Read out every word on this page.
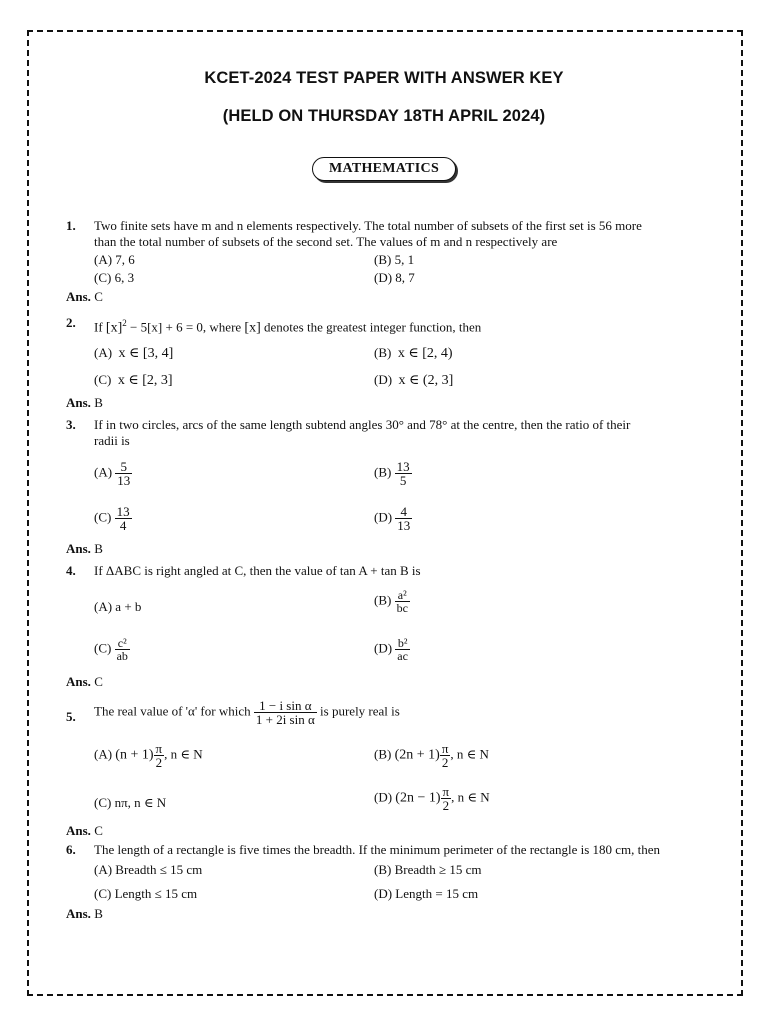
KCET-2024 TEST PAPER WITH ANSWER KEY
(HELD ON THURSDAY 18TH APRIL 2024)
MATHEMATICS
1. Two finite sets have m and n elements respectively. The total number of subsets of the first set is 56 more
than the total number of subsets of the second set. The values of m and n respectively are
(A) 7, 6	(B) 5, 1
(C) 6, 3	(D) 8, 7
Ans. C
2. If $[x]^2 - 5[x] + 6 = 0$, where [x] denotes the greatest integer function, then
(A) x ∈ [3, 4]	(B) x ∈ [2, 4)
(C) x ∈ [2, 3]	(D) x ∈ (2, 3]
Ans. B
3. If in two circles, arcs of the same length subtend angles 30° and 78° at the centre, then the ratio of their
radii is
$(A) \frac{5}{13}$	$(B) \frac{13}{5}$
$(C) \frac{13}{4}$	$(D) \frac{4}{13}$
Ans. B
4. If ΔABC is right angled at C, then the value of tan A + tan B is
(A) a + b	$(B) \frac{\text{a²}}{bc}$
$(C) \frac{\text{c²}}{ab}$	$(D) \frac{\text{b²}}{ac}$
Ans. C
5. The real value of 'α' for which $\frac{\text{1 − i sin α}}{\text{1 + 2i sin α}}$ is purely real is
(A) $(n + 1) \frac{\pi}{2}$ , n ∈ N	(B) $(2n + 1) \frac{\pi}{2}$ , n ∈ N
(C) nπ, n ∈ N	(D) $(2n - 1) \frac{\pi}{2}$ , n ∈ N
Ans. C
6. The length of a rectangle is five times the breadth. If the minimum perimeter of the rectangle is 180 cm, then
(A) Breadth ≤ 15 cm	(B) Breadth ≥ 15 cm
(C) Length ≤ 15 cm	(D) Length = 15 cm
Ans. B
